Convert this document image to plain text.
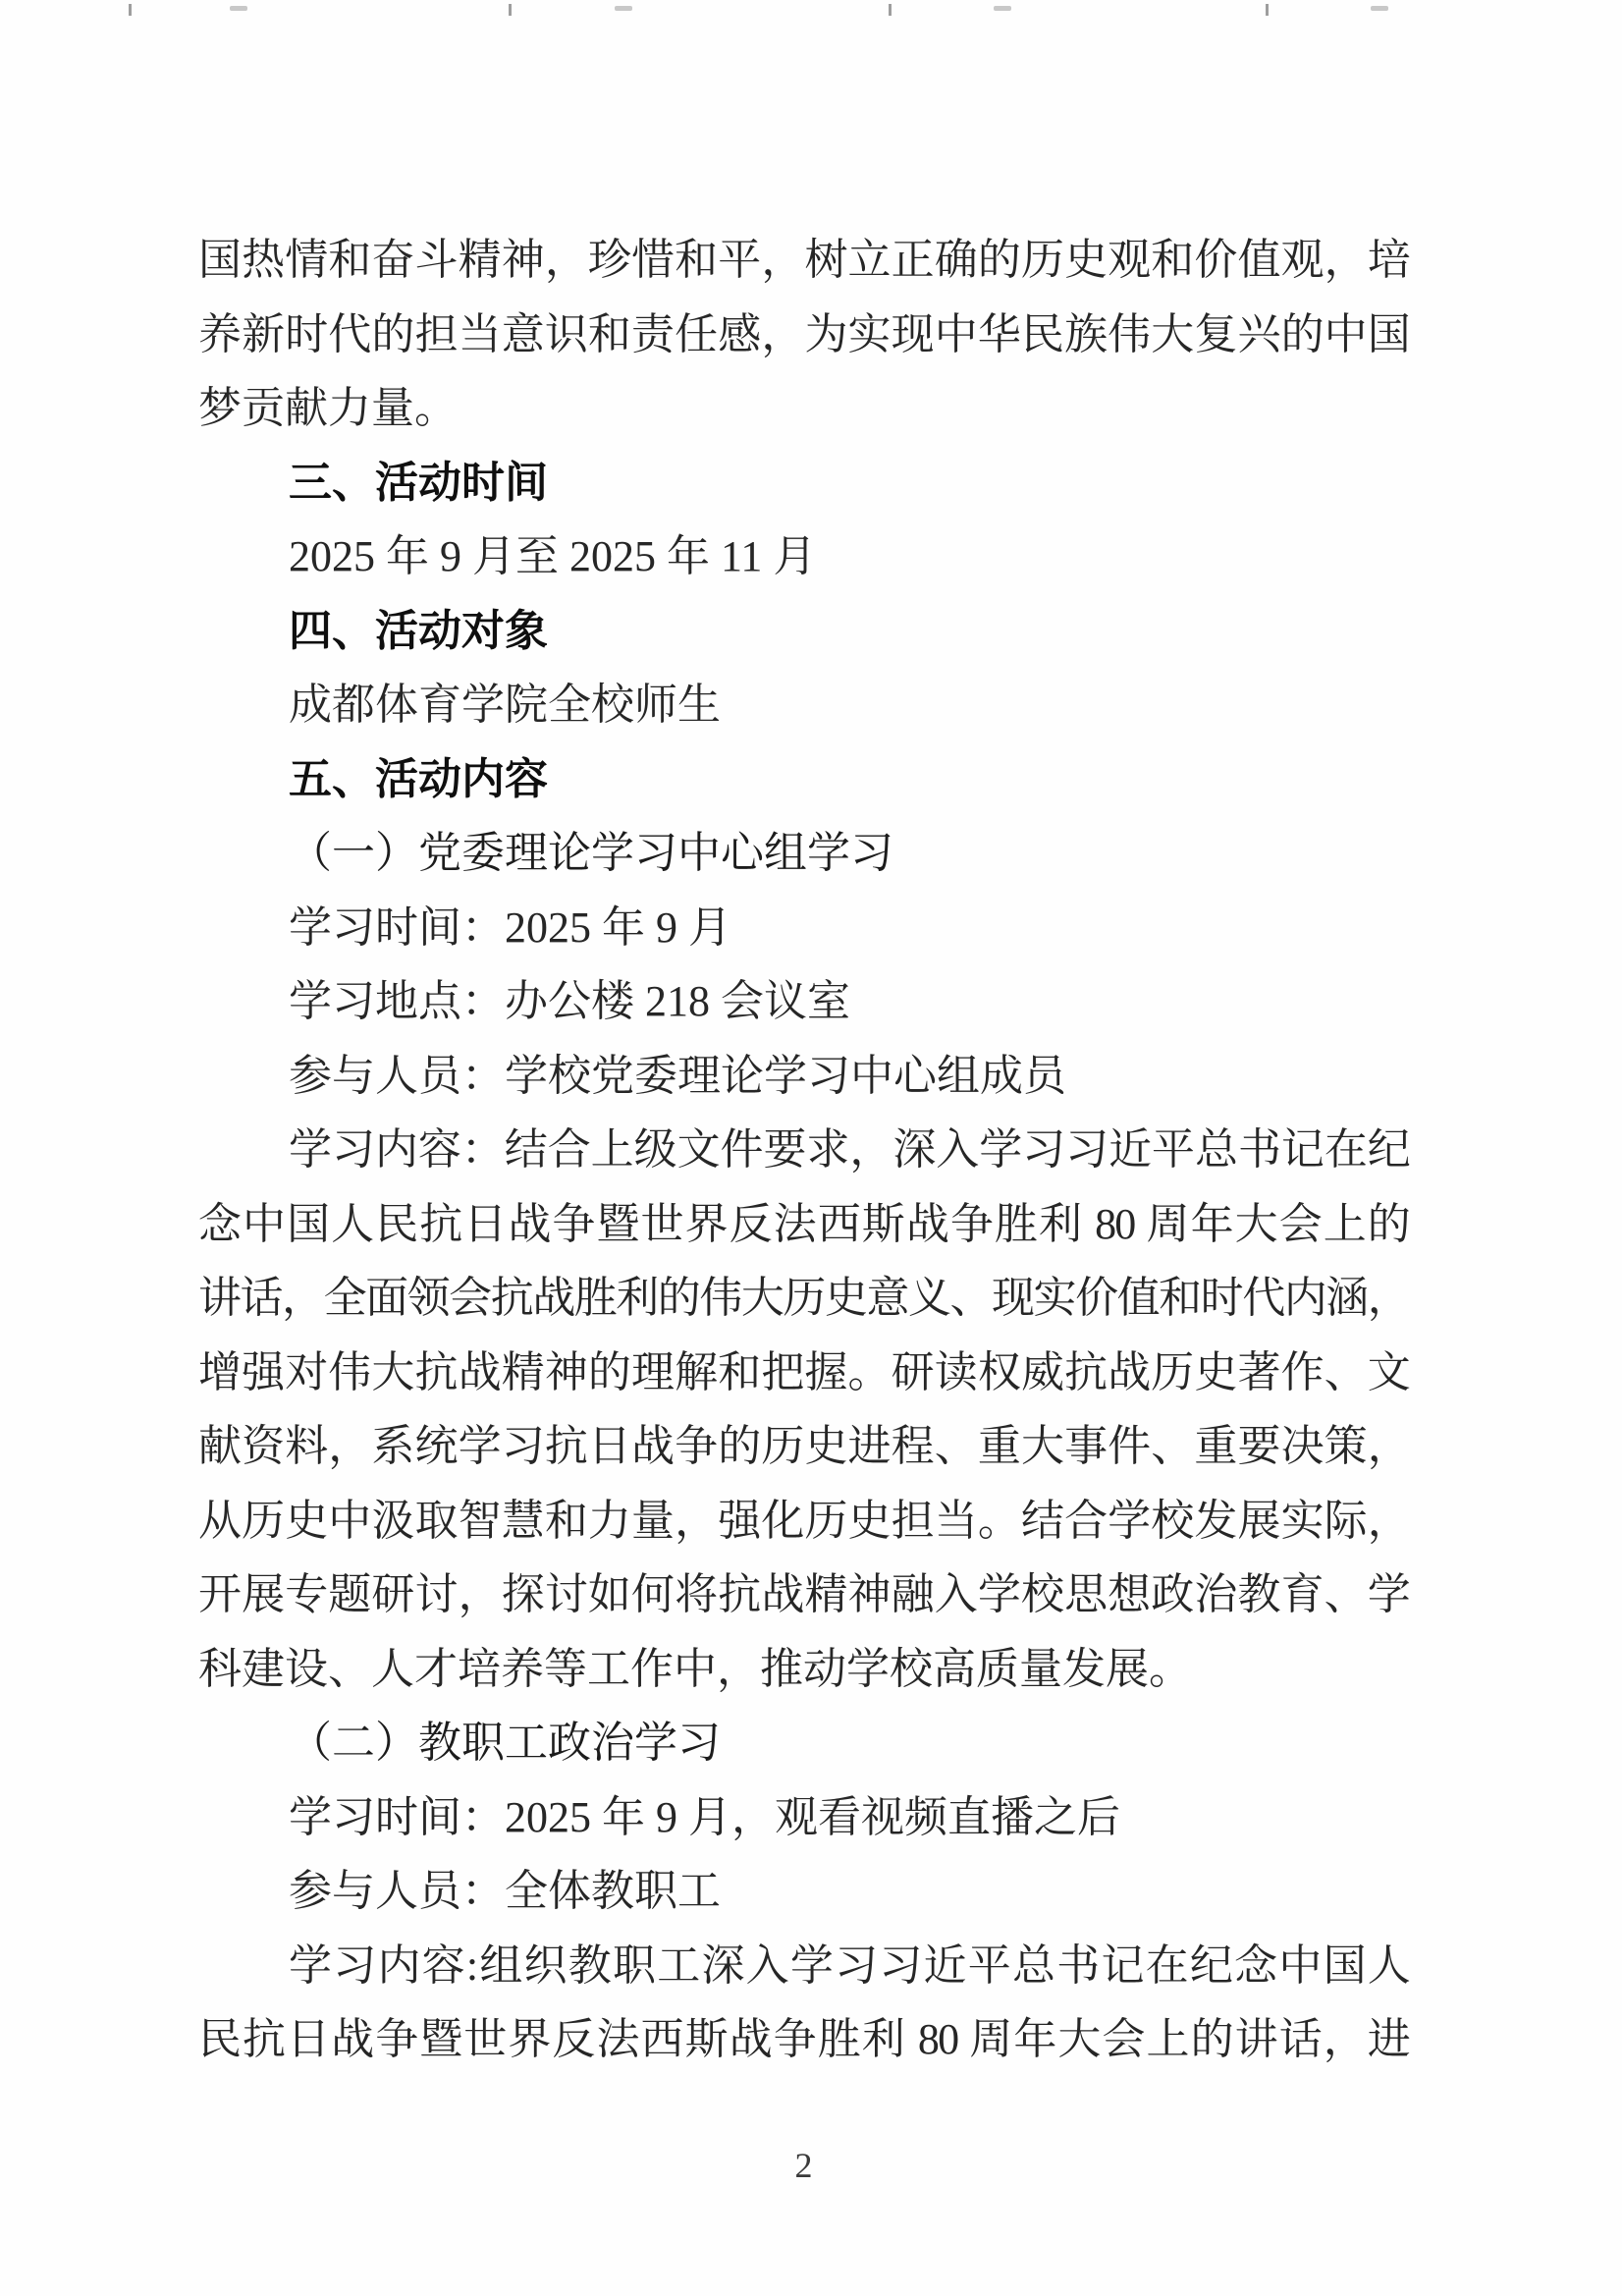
国热情和奋斗精神，珍惜和平，树立正确的历史观和价值观，培
养新时代的担当意识和责任感，为实现中华民族伟大复兴的中国
梦贡献力量。
三、活动时间
2025 年 9 月至 2025 年 11 月
四、活动对象
成都体育学院全校师生
五、活动内容
（一）党委理论学习中心组学习
学习时间：2025 年 9 月
学习地点：办公楼 218 会议室
参与人员：学校党委理论学习中心组成员
学习内容：结合上级文件要求，深入学习习近平总书记在纪
念中国人民抗日战争暨世界反法西斯战争胜利 80 周年大会上的
讲话，全面领会抗战胜利的伟大历史意义、现实价值和时代内涵，
增强对伟大抗战精神的理解和把握。研读权威抗战历史著作、文
献资料，系统学习抗日战争的历史进程、重大事件、重要决策，
从历史中汲取智慧和力量，强化历史担当。结合学校发展实际，
开展专题研讨，探讨如何将抗战精神融入学校思想政治教育、学
科建设、人才培养等工作中，推动学校高质量发展。
（二）教职工政治学习
学习时间：2025 年 9 月，观看视频直播之后
参与人员：全体教职工
学习内容:组织教职工深入学习习近平总书记在纪念中国人
民抗日战争暨世界反法西斯战争胜利 80 周年大会上的讲话，进
2
